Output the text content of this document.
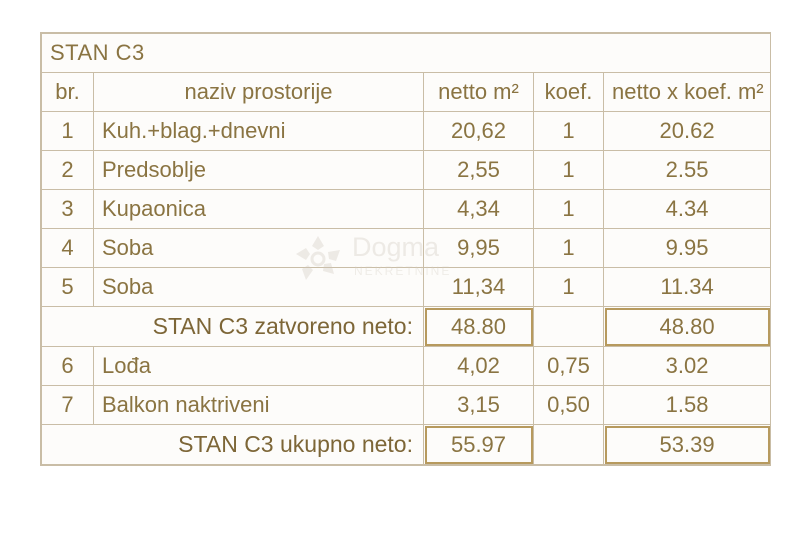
STAN C3				
br.	naziv prostorije	netto m²	koef.	netto x koef. m²
1	Kuh.+blag.+dnevni	20,62	1	20.62
2	Predsoblje	2,55	1	2.55
3	Kupaonica	4,34	1	4.34
4	Soba	9,95	1	9.95
5	Soba	11,34	1	11.34
STAN C3 zatvoreno neto:		48.80		48.80
6	Lođa	4,02	0,75	3.02
7	Balkon naktriveni	3,15	0,50	1.58
STAN C3 ukupno neto:		55.97		53.39
Dogma
NEKRETNINE
